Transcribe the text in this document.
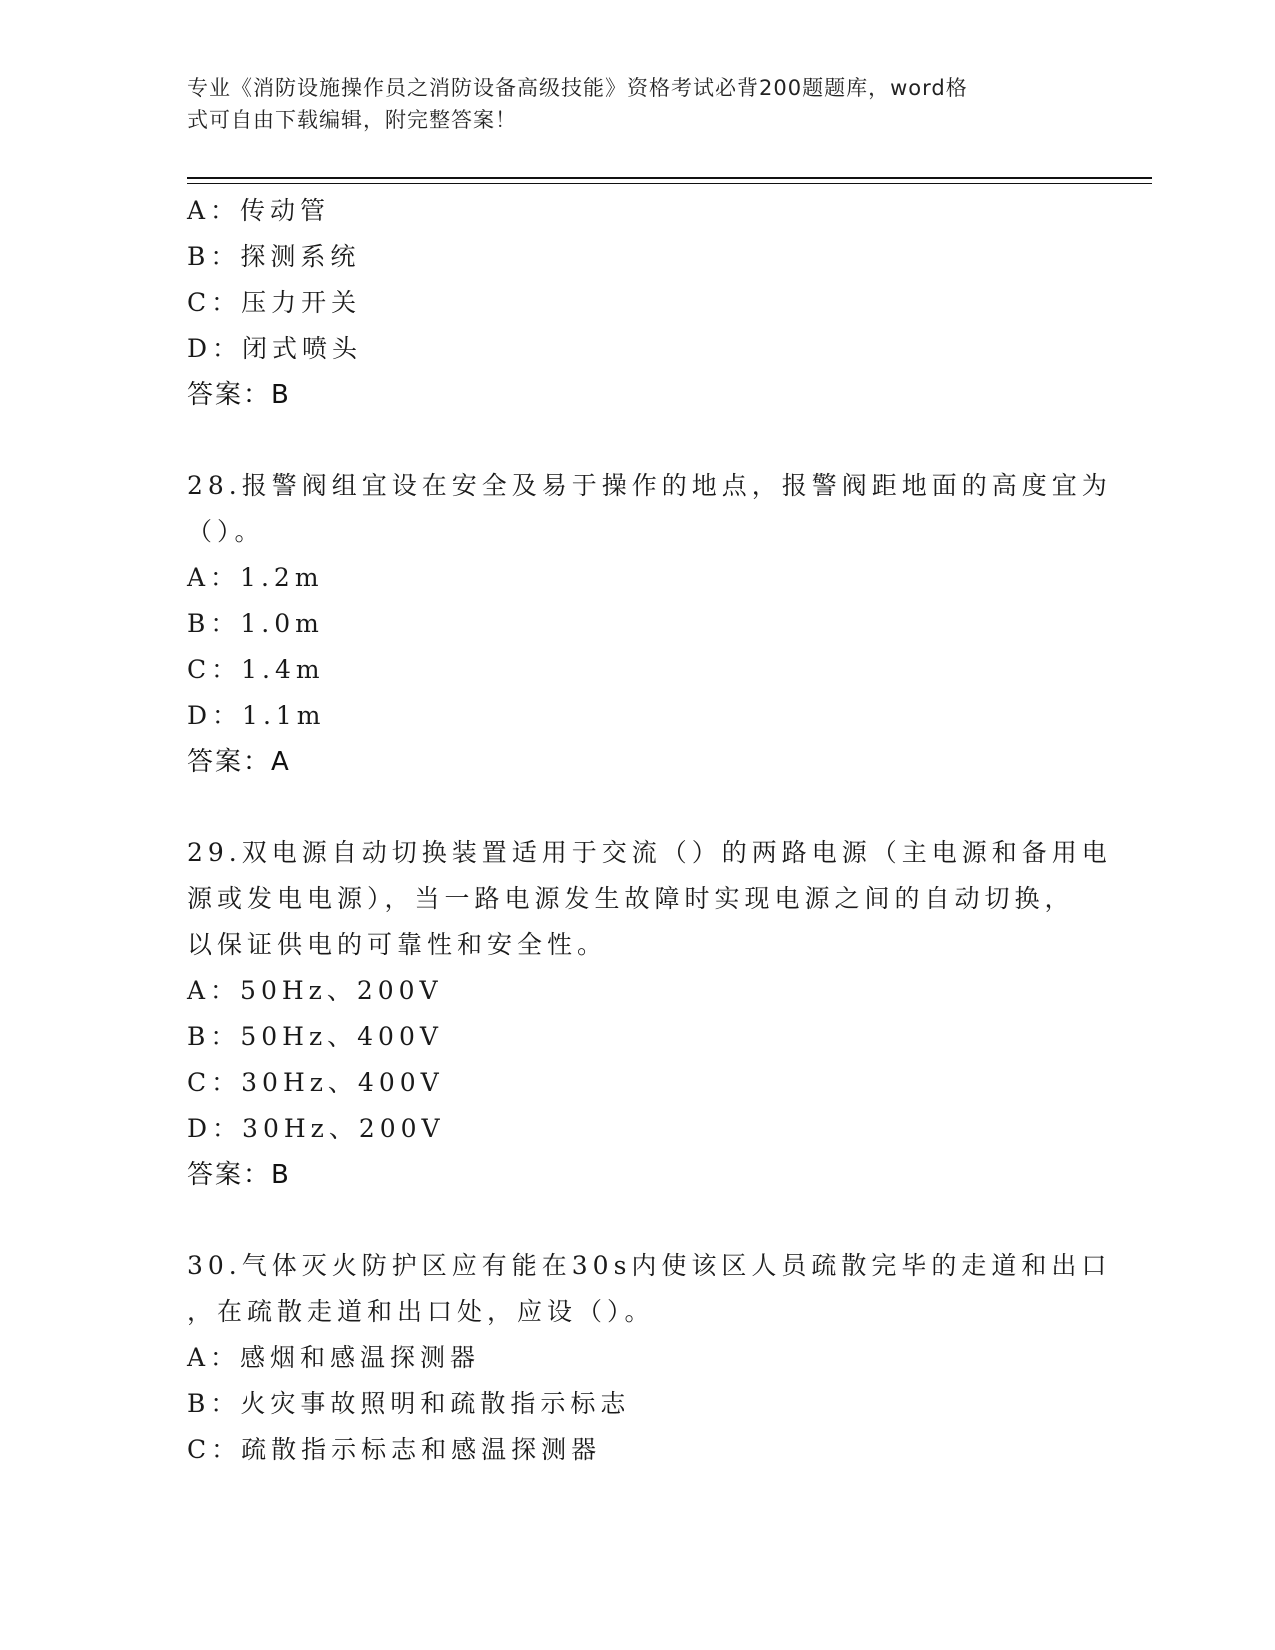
专业《消防设施操作员之消防设备高级技能》资格考试必背200题题库，word格
式可自由下载编辑，附完整答案！
A：传动管
B：探测系统
C：压力开关
D：闭式喷头
答案：B
28.报警阀组宜设在安全及易于操作的地点，报警阀距地面的高度宜为
（）。
A：1.2m
B：1.0m
C：1.4m
D：1.1m
答案：A
29.双电源自动切换装置适用于交流（）的两路电源（主电源和备用电
源或发电电源），当一路电源发生故障时实现电源之间的自动切换，
以保证供电的可靠性和安全性。
A：50Hz、200V
B：50Hz、400V
C：30Hz、400V
D：30Hz、200V
答案：B
30.气体灭火防护区应有能在30s内使该区人员疏散完毕的走道和出口
，在疏散走道和出口处，应设（）。
A：感烟和感温探测器
B：火灾事故照明和疏散指示标志
C：疏散指示标志和感温探测器
